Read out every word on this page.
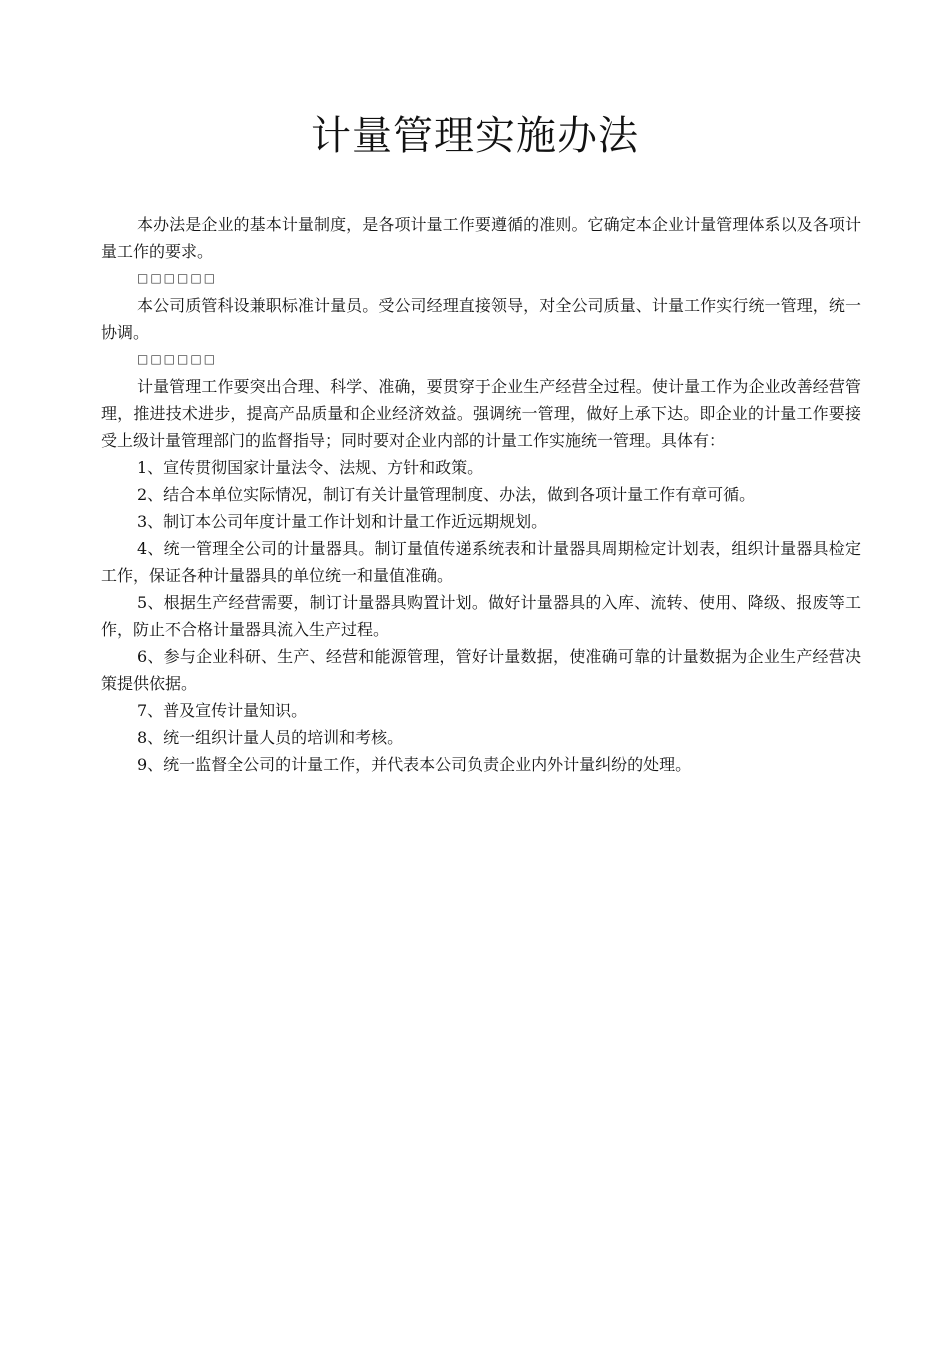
计量管理实施办法

本办法是企业的基本计量制度，是各项计量工作要遵循的准则。它确定本企业计量管理体系以及各项计量工作的要求。

□□□□□□

本公司质管科设兼职标准计量员。受公司经理直接领导，对全公司质量、计量工作实行统一管理，统一协调。

□□□□□□

计量管理工作要突出合理、科学、准确，要贯穿于企业生产经营全过程。使计量工作为企业改善经营管理，推进技术进步，提高产品质量和企业经济效益。强调统一管理，做好上承下达。即企业的计量工作要接受上级计量管理部门的监督指导；同时要对企业内部的计量工作实施统一管理。具体有：

1、宣传贯彻国家计量法令、法规、方针和政策。

2、结合本单位实际情况，制订有关计量管理制度、办法，做到各项计量工作有章可循。

3、制订本公司年度计量工作计划和计量工作近远期规划。

4、统一管理全公司的计量器具。制订量值传递系统表和计量器具周期检定计划表，组织计量器具检定工作，保证各种计量器具的单位统一和量值准确。

5、根据生产经营需要，制订计量器具购置计划。做好计量器具的入库、流转、使用、降级、报废等工作，防止不合格计量器具流入生产过程。

6、参与企业科研、生产、经营和能源管理，管好计量数据，使准确可靠的计量数据为企业生产经营决策提供依据。

7、普及宣传计量知识。

8、统一组织计量人员的培训和考核。

9、统一监督全公司的计量工作，并代表本公司负责企业内外计量纠纷的处理。
